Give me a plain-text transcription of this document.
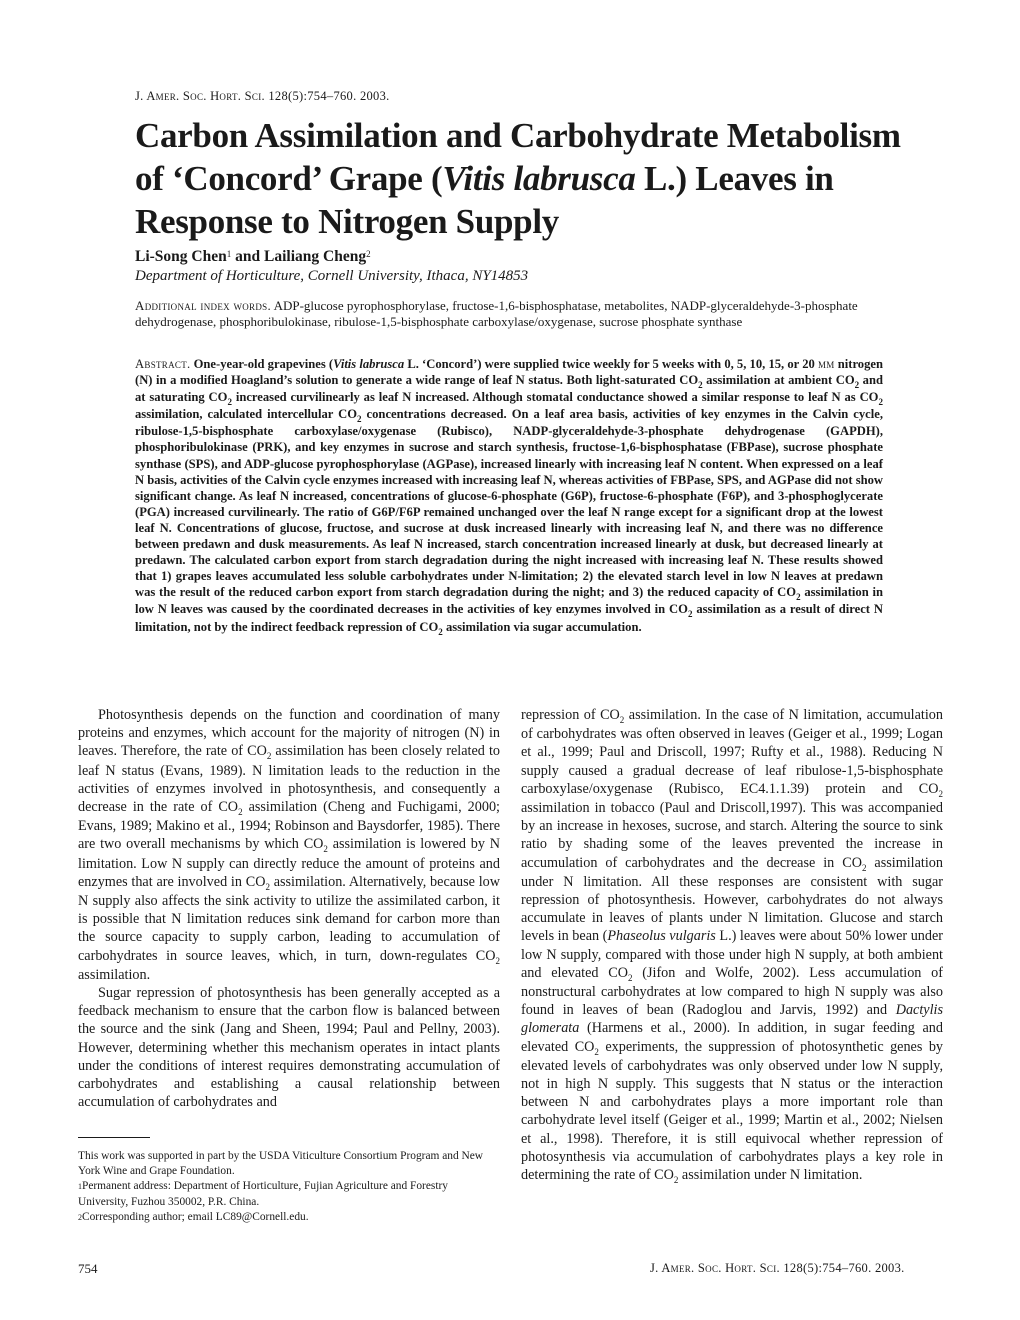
J. Amer. Soc. Hort. Sci. 128(5):754–760. 2003.
Carbon Assimilation and Carbohydrate Metabolism
of ‘Concord’ Grape (Vitis labrusca L.) Leaves in
Response to Nitrogen Supply
Li-Song Chen$^1$ and Lailiang Cheng$^2$
Department of Horticulture, Cornell University, Ithaca, NY14853
Additional index words. ADP-glucose pyrophosphorylase, fructose-1,6-bisphosphatase, metabolites, NADP-glyceraldehyde-3-phosphate dehydrogenase, phosphoribulokinase, ribulose-1,5-bisphosphate carboxylase/oxygenase, sucrose phosphate synthase
Abstract. One-year-old grapevines (Vitis labrusca L. ‘Concord’) were supplied twice weekly for 5 weeks with 0, 5, 10, 15, or 20 mm nitrogen (N) in a modified Hoagland’s solution to generate a wide range of leaf N status. Both light-saturated $CO_2$ assimilation at ambient $CO_2$ and at saturating $CO_2$ increased curvilinearly as leaf N increased. Although stomatal conductance showed a similar response to leaf N as $CO_2$ assimilation, calculated intercellular $CO_2$ concentrations decreased. On a leaf area basis, activities of key enzymes in the Calvin cycle, ribulose-1,5-bisphosphate carboxylase/oxygenase (Rubisco), NADP-glyceraldehyde-3-phosphate dehydrogenase (GAPDH), phosphoribulokinase (PRK), and key enzymes in sucrose and starch synthesis, fructose-1,6-bisphosphatase (FBPase), sucrose phosphate synthase (SPS), and ADP-glucose pyrophosphorylase (AGPase), increased linearly with increasing leaf N content. When expressed on a leaf N basis, activities of the Calvin cycle enzymes increased with increasing leaf N, whereas activities of FBPase, SPS, and AGPase did not show significant change. As leaf N increased, concentrations of glucose-6-phosphate (G6P), fructose-6-phosphate (F6P), and 3-phosphoglycerate (PGA) increased curvilinearly. The ratio of G6P/F6P remained unchanged over the leaf N range except for a significant drop at the lowest leaf N. Concentrations of glucose, fructose, and sucrose at dusk increased linearly with increasing leaf N, and there was no difference between predawn and dusk measurements. As leaf N increased, starch concentration increased linearly at dusk, but decreased linearly at predawn. The calculated carbon export from starch degradation during the night increased with increasing leaf N. These results showed that 1) grapes leaves accumulated less soluble carbohydrates under N-limitation; 2) the elevated starch level in low N leaves at predawn was the result of the reduced carbon export from starch degradation during the night; and 3) the reduced capacity of $CO_2$ assimilation in low N leaves was caused by the coordinated decreases in the activities of key enzymes involved in $CO_2$ assimilation as a result of direct N limitation, not by the indirect feedback repression of $CO_2$ assimilation via sugar accumulation.

Photosynthesis depends on the function and coordination of many proteins and enzymes, which account for the majority of nitrogen (N) in leaves. Therefore, the rate of $CO_2$ assimilation has been closely related to leaf N status (Evans, 1989). N limitation leads to the reduction in the activities of enzymes involved in photosynthesis, and consequently a decrease in the rate of $CO_2$ assimilation (Cheng and Fuchigami, 2000; Evans, 1989; Makino et al., 1994; Robinson and Baysdorfer, 1985). There are two overall mechanisms by which $CO_2$ assimilation is lowered by N limitation. Low N supply can directly reduce the amount of proteins and enzymes that are involved in $CO_2$ assimilation. Alternatively, because low N supply also affects the sink activity to utilize the assimilated carbon, it is possible that N limitation reduces sink demand for carbon more than the source capacity to supply carbon, leading to accumulation of carbohydrates in source leaves, which, in turn, down-regulates $CO_2$ assimilation.

Sugar repression of photosynthesis has been generally accepted as a feedback mechanism to ensure that the carbon flow is balanced between the source and the sink (Jang and Sheen, 1994; Paul and Pellny, 2003). However, determining whether this mechanism operates in intact plants under the conditions of interest requires demonstrating accumulation of carbohydrates and establishing a causal relationship between accumulation of carbohydrates and

repression of $CO_2$ assimilation. In the case of N limitation, accumulation of carbohydrates was often observed in leaves (Geiger et al., 1999; Logan et al., 1999; Paul and Driscoll, 1997; Rufty et al., 1988). Reducing N supply caused a gradual decrease of leaf ribulose-1,5-bisphosphate carboxylase/oxygenase (Rubisco, EC4.1.1.39) protein and $CO_2$ assimilation in tobacco (Paul and Driscoll,1997). This was accompanied by an increase in hexoses, sucrose, and starch. Altering the source to sink ratio by shading some of the leaves prevented the increase in accumulation of carbohydrates and the decrease in $CO_2$ assimilation under N limitation. All these responses are consistent with sugar repression of photosynthesis. However, carbohydrates do not always accumulate in leaves of plants under N limitation. Glucose and starch levels in bean (Phaseolus vulgaris L.) leaves were about 50% lower under low N supply, compared with those under high N supply, at both ambient and elevated $CO_2$ (Jifon and Wolfe, 2002). Less accumulation of nonstructural carbohydrates at low compared to high N supply was also found in leaves of bean (Radoglou and Jarvis, 1992) and Dactylis glomerata (Harmens et al., 2000). In addition, in sugar feeding and elevated $CO_2$ experiments, the suppression of photosynthetic genes by elevated levels of carbohydrates was only observed under low N supply, not in high N supply. This suggests that N status or the interaction between N and carbohydrates plays a more important role than carbohydrate level itself (Geiger et al., 1999; Martin et al., 2002; Nielsen et al., 1998). Therefore, it is still equivocal whether repression of photosynthesis via accumulation of carbohydrates plays a key role in determining the rate of $CO_2$ assimilation under N limitation.

This work was supported in part by the USDA Viticulture Consortium Program and New York Wine and Grape Foundation.

$^1$Permanent address: Department of Horticulture, Fujian Agriculture and Forestry University, Fuzhou 350002, P.R. China.

$^2$Corresponding author; email LC89@Cornell.edu.

754	J. Amer. Soc. Hort. Sci. 128(5):754–760. 2003.
